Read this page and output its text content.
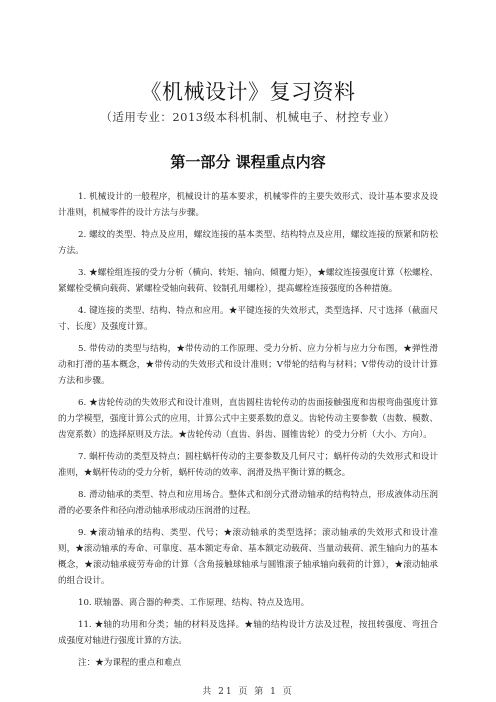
《机械设计》复习资料
（适用专业：2013级本科机制、机械电子、材控专业）
第一部分 课程重点内容

1. 机械设计的一般程序，机械设计的基本要求，机械零件的主要失效形式、设计基本要求及设计准则，机械零件的设计方法与步骤。

2. 螺纹的类型、特点及应用，螺纹连接的基本类型、结构特点及应用，螺纹连接的预紧和防松方法。

3. ★螺栓组连接的受力分析（横向、转矩、轴向、倾覆力矩），★螺纹连接强度计算（松螺栓、紧螺栓受横向载荷、紧螺栓受轴向载荷、铰制孔用螺栓），提高螺栓连接强度的各种措施。

4. 键连接的类型、结构、特点和应用。★平键连接的失效形式，类型选择、尺寸选择（截面尺寸、长度）及强度计算。

5. 带传动的类型与结构，★带传动的工作原理、受力分析、应力分析与应力分布图，★弹性滑动和打滑的基本概念，★带传动的失效形式和设计准则；V带轮的结构与材料；V带传动的设计计算方法和步骤。

6. ★齿轮传动的失效形式和设计准则，直齿圆柱齿轮传动的齿面接触强度和齿根弯曲强度计算的力学模型，强度计算公式的应用，计算公式中主要系数的意义。齿轮传动主要参数（齿数、模数、齿宽系数）的选择原则及方法。★齿轮传动（直齿、斜齿、圆锥齿轮）的受力分析（大小、方向）。

7. 蜗杆传动的类型及特点；圆柱蜗杆传动的主要参数及几何尺寸；蜗杆传动的失效形式和设计准则，★蜗杆传动的受力分析，蜗杆传动的效率、润滑及热平衡计算的概念。

8. 滑动轴承的类型、特点和应用场合。整体式和剖分式滑动轴承的结构特点，形成液体动压润滑的必要条件和径向滑动轴承形成动压润滑的过程。

9. ★滚动轴承的结构、类型、代号；★滚动轴承的类型选择；滚动轴承的失效形式和设计准则，★滚动轴承的寿命、可靠度、基本额定寿命、基本额定动载荷、当量动载荷、派生轴向力的基本概念，★滚动轴承疲劳寿命的计算（含角接触球轴承与圆锥滚子轴承轴向载荷的计算），★滚动轴承的组合设计。

10. 联轴器、离合器的种类、工作原理、结构、特点及选用。

11. ★轴的功用和分类；轴的材料及选择。★轴的结构设计方法及过程，按扭转强度、弯扭合成强度对轴进行强度计算的方法。

注：★为课程的重点和难点

共 21 页 第 1 页
